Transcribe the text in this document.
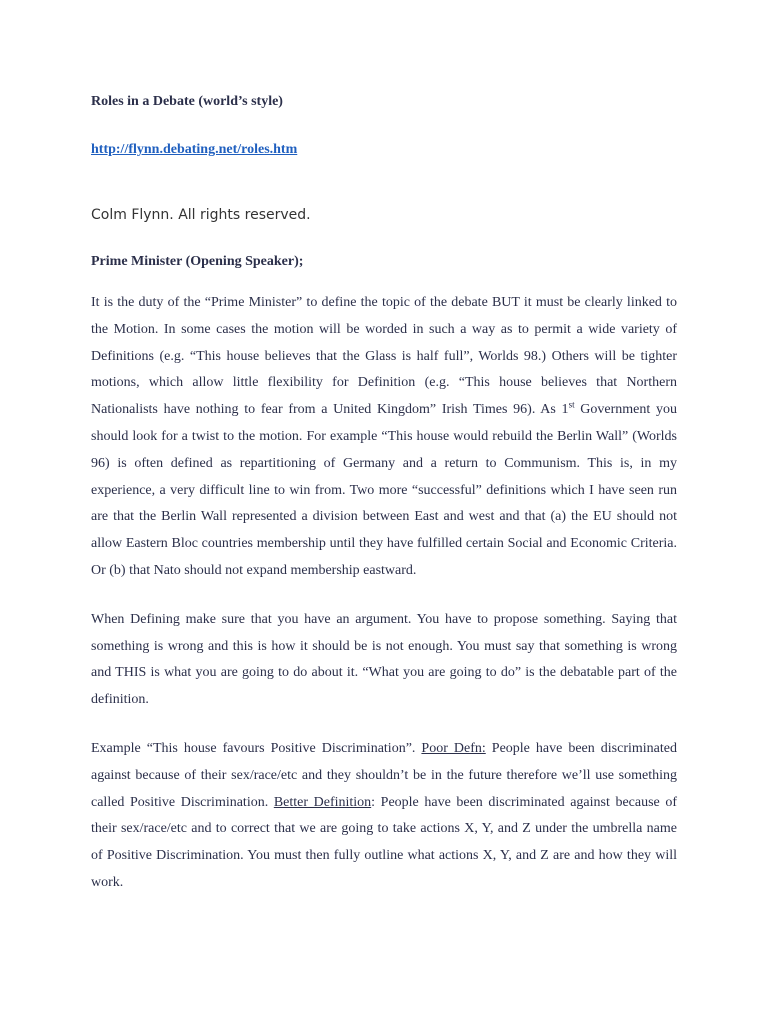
Roles in a Debate (world’s style)
http://flynn.debating.net/roles.htm
Colm Flynn. All rights reserved.
Prime Minister (Opening Speaker);

It is the duty of the “Prime Minister” to define the topic of the debate BUT it must be clearly linked to the Motion. In some cases the motion will be worded in such a way as to permit a wide variety of Definitions (e.g. “This house believes that the Glass is half full”, Worlds 98.) Others will be tighter motions, which allow little flexibility for Definition (e.g. “This house believes that Northern Nationalists have nothing to fear from a United Kingdom” Irish Times 96). As 1st Government you should look for a twist to the motion. For example “This house would rebuild the Berlin Wall” (Worlds 96) is often defined as repartitioning of Germany and a return to Communism. This is, in my experience, a very difficult line to win from. Two more “successful” definitions which I have seen run are that the Berlin Wall represented a division between East and west and that (a) the EU should not allow Eastern Bloc countries membership until they have fulfilled certain Social and Economic Criteria. Or (b) that Nato should not expand membership eastward.

When Defining make sure that you have an argument. You have to propose something. Saying that something is wrong and this is how it should be is not enough. You must say that something is wrong and THIS is what you are going to do about it. “What you are going to do” is the debatable part of the definition.

Example “This house favours Positive Discrimination”. Poor Defn: People have been discriminated against because of their sex/race/etc and they shouldn’t be in the future therefore we’ll use something called Positive Discrimination. Better Definition: People have been discriminated against because of their sex/race/etc and to correct that we are going to take actions X, Y, and Z under the umbrella name of Positive Discrimination. You must then fully outline what actions X, Y, and Z are and how they will work.
